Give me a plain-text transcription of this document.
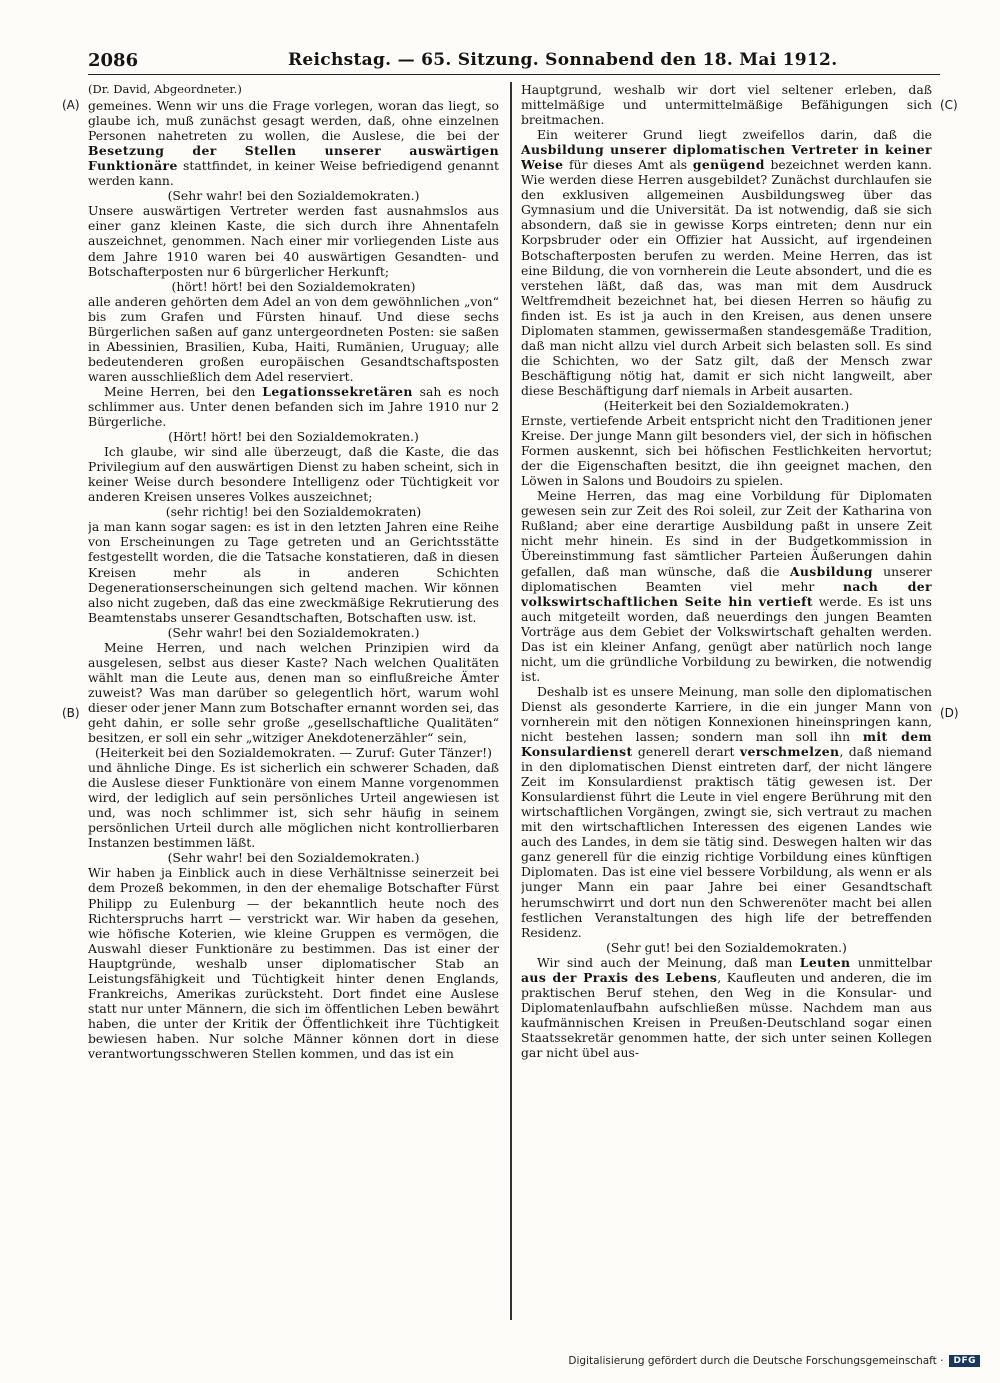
2086	Reichstag. — 65. Sitzung. Sonnabend den 18. Mai 1912.
(A)
(B)
(C)
(D)

(Dr. David, Abgeordneter.)

gemeines. Wenn wir uns die Frage vorlegen, woran das liegt, so glaube ich, muß zunächst gesagt werden, daß, ohne einzelnen Personen nahetreten zu wollen, die Auslese, die bei der Besetzung der Stellen unserer auswärtigen Funktionäre stattfindet, in keiner Weise befriedigend genannt werden kann.

(Sehr wahr! bei den Sozialdemokraten.)

Unsere auswärtigen Vertreter werden fast ausnahmslos aus einer ganz kleinen Kaste, die sich durch ihre Ahnentafeln auszeichnet, genommen. Nach einer mir vorliegenden Liste aus dem Jahre 1910 waren bei 40 auswärtigen Gesandten- und Botschafterposten nur 6 bürgerlicher Herkunft;

(hört! hört! bei den Sozialdemokraten)

alle anderen gehörten dem Adel an von dem gewöhnlichen „von“ bis zum Grafen und Fürsten hinauf. Und diese sechs Bürgerlichen saßen auf ganz untergeordneten Posten: sie saßen in Abessinien, Brasilien, Kuba, Haiti, Rumänien, Uruguay; alle bedeutenderen großen europäischen Gesandtschaftsposten waren ausschließlich dem Adel reserviert.

Meine Herren, bei den Legationssekretären sah es noch schlimmer aus. Unter denen befanden sich im Jahre 1910 nur 2 Bürgerliche.

(Hört! hört! bei den Sozialdemokraten.)

Ich glaube, wir sind alle überzeugt, daß die Kaste, die das Privilegium auf den auswärtigen Dienst zu haben scheint, sich in keiner Weise durch besondere Intelligenz oder Tüchtigkeit vor anderen Kreisen unseres Volkes auszeichnet;

(sehr richtig! bei den Sozialdemokraten)

ja man kann sogar sagen: es ist in den letzten Jahren eine Reihe von Erscheinungen zu Tage getreten und an Gerichtsstätte festgestellt worden, die die Tatsache konstatieren, daß in diesen Kreisen mehr als in anderen Schichten Degenerationserscheinungen sich geltend machen. Wir können also nicht zugeben, daß das eine zweckmäßige Rekrutierung des Beamtenstabs unserer Gesandtschaften, Botschaften usw. ist.

(Sehr wahr! bei den Sozialdemokraten.)

Meine Herren, und nach welchen Prinzipien wird da ausgelesen, selbst aus dieser Kaste? Nach welchen Qualitäten wählt man die Leute aus, denen man so einflußreiche Ämter zuweist? Was man darüber so gelegentlich hört, warum wohl dieser oder jener Mann zum Botschafter ernannt worden sei, das geht dahin, er solle sehr große „gesellschaftliche Qualitäten“ besitzen, er soll ein sehr „witziger Anekdotenerzähler“ sein,

(Heiterkeit bei den Sozialdemokraten. — Zuruf: Guter Tänzer!)

und ähnliche Dinge. Es ist sicherlich ein schwerer Schaden, daß die Auslese dieser Funktionäre von einem Manne vorgenommen wird, der lediglich auf sein persönliches Urteil angewiesen ist und, was noch schlimmer ist, sich sehr häufig in seinem persönlichen Urteil durch alle möglichen nicht kontrollierbaren Instanzen bestimmen läßt.

(Sehr wahr! bei den Sozialdemokraten.)

Wir haben ja Einblick auch in diese Verhältnisse seinerzeit bei dem Prozeß bekommen, in den der ehemalige Botschafter Fürst Philipp zu Eulenburg — der bekanntlich heute noch des Richterspruchs harrt — verstrickt war. Wir haben da gesehen, wie höfische Koterien, wie kleine Gruppen es vermögen, die Auswahl dieser Funktionäre zu bestimmen. Das ist einer der Hauptgründe, weshalb unser diplomatischer Stab an Leistungsfähigkeit und Tüchtigkeit hinter denen Englands, Frankreichs, Amerikas zurücksteht. Dort findet eine Auslese statt nur unter Männern, die sich im öffentlichen Leben bewährt haben, die unter der Kritik der Öffentlichkeit ihre Tüchtigkeit bewiesen haben. Nur solche Männer können dort in diese verantwortungsschweren Stellen kommen, und das ist ein

Hauptgrund, weshalb wir dort viel seltener erleben, daß mittelmäßige und untermittelmäßige Befähigungen sich breitmachen.

Ein weiterer Grund liegt zweifellos darin, daß die Ausbildung unserer diplomatischen Vertreter in keiner Weise für dieses Amt als genügend bezeichnet werden kann. Wie werden diese Herren ausgebildet? Zunächst durchlaufen sie den exklusiven allgemeinen Ausbildungsweg über das Gymnasium und die Universität. Da ist notwendig, daß sie sich absondern, daß sie in gewisse Korps eintreten; denn nur ein Korpsbruder oder ein Offizier hat Aussicht, auf irgendeinen Botschafterposten berufen zu werden. Meine Herren, das ist eine Bildung, die von vornherein die Leute absondert, und die es verstehen läßt, daß das, was man mit dem Ausdruck Weltfremdheit bezeichnet hat, bei diesen Herren so häufig zu finden ist. Es ist ja auch in den Kreisen, aus denen unsere Diplomaten stammen, gewissermaßen standesgemäße Tradition, daß man nicht allzu viel durch Arbeit sich belasten soll. Es sind die Schichten, wo der Satz gilt, daß der Mensch zwar Beschäftigung nötig hat, damit er sich nicht langweilt, aber diese Beschäftigung darf niemals in Arbeit ausarten.

(Heiterkeit bei den Sozialdemokraten.)

Ernste, vertiefende Arbeit entspricht nicht den Traditionen jener Kreise. Der junge Mann gilt besonders viel, der sich in höfischen Formen auskennt, sich bei höfischen Festlichkeiten hervortut; der die Eigenschaften besitzt, die ihn geeignet machen, den Löwen in Salons und Boudoirs zu spielen.

Meine Herren, das mag eine Vorbildung für Diplomaten gewesen sein zur Zeit des Roi soleil, zur Zeit der Katharina von Rußland; aber eine derartige Ausbildung paßt in unsere Zeit nicht mehr hinein. Es sind in der Budgetkommission in Übereinstimmung fast sämtlicher Parteien Äußerungen dahin gefallen, daß man wünsche, daß die Ausbildung unserer diplomatischen Beamten viel mehr nach der volkswirtschaftlichen Seite hin vertieft werde. Es ist uns auch mitgeteilt worden, daß neuerdings den jungen Beamten Vorträge aus dem Gebiet der Volkswirtschaft gehalten werden. Das ist ein kleiner Anfang, genügt aber natürlich noch lange nicht, um die gründliche Vorbildung zu bewirken, die notwendig ist.

Deshalb ist es unsere Meinung, man solle den diplomatischen Dienst als gesonderte Karriere, in die ein junger Mann von vornherein mit den nötigen Konnexionen hineinspringen kann, nicht bestehen lassen; sondern man soll ihn mit dem Konsulardienst generell derart verschmelzen, daß niemand in den diplomatischen Dienst eintreten darf, der nicht längere Zeit im Konsulardienst praktisch tätig gewesen ist. Der Konsulardienst führt die Leute in viel engere Berührung mit den wirtschaftlichen Vorgängen, zwingt sie, sich vertraut zu machen mit den wirtschaftlichen Interessen des eigenen Landes wie auch des Landes, in dem sie tätig sind. Deswegen halten wir das ganz generell für die einzig richtige Vorbildung eines künftigen Diplomaten. Das ist eine viel bessere Vorbildung, als wenn er als junger Mann ein paar Jahre bei einer Gesandtschaft herumschwirrt und dort nun den Schwerenöter macht bei allen festlichen Veranstaltungen des high life der betreffenden Residenz.

(Sehr gut! bei den Sozialdemokraten.)

Wir sind auch der Meinung, daß man Leuten unmittelbar aus der Praxis des Lebens, Kaufleuten und anderen, die im praktischen Beruf stehen, den Weg in die Konsular- und Diplomatenlaufbahn aufschließen müsse. Nachdem man aus kaufmännischen Kreisen in Preußen-Deutschland sogar einen Staatssekretär genommen hatte, der sich unter seinen Kollegen gar nicht übel aus-

Digitalisierung gefördert durch die Deutsche Forschungsgemeinschaft ·	DFG
